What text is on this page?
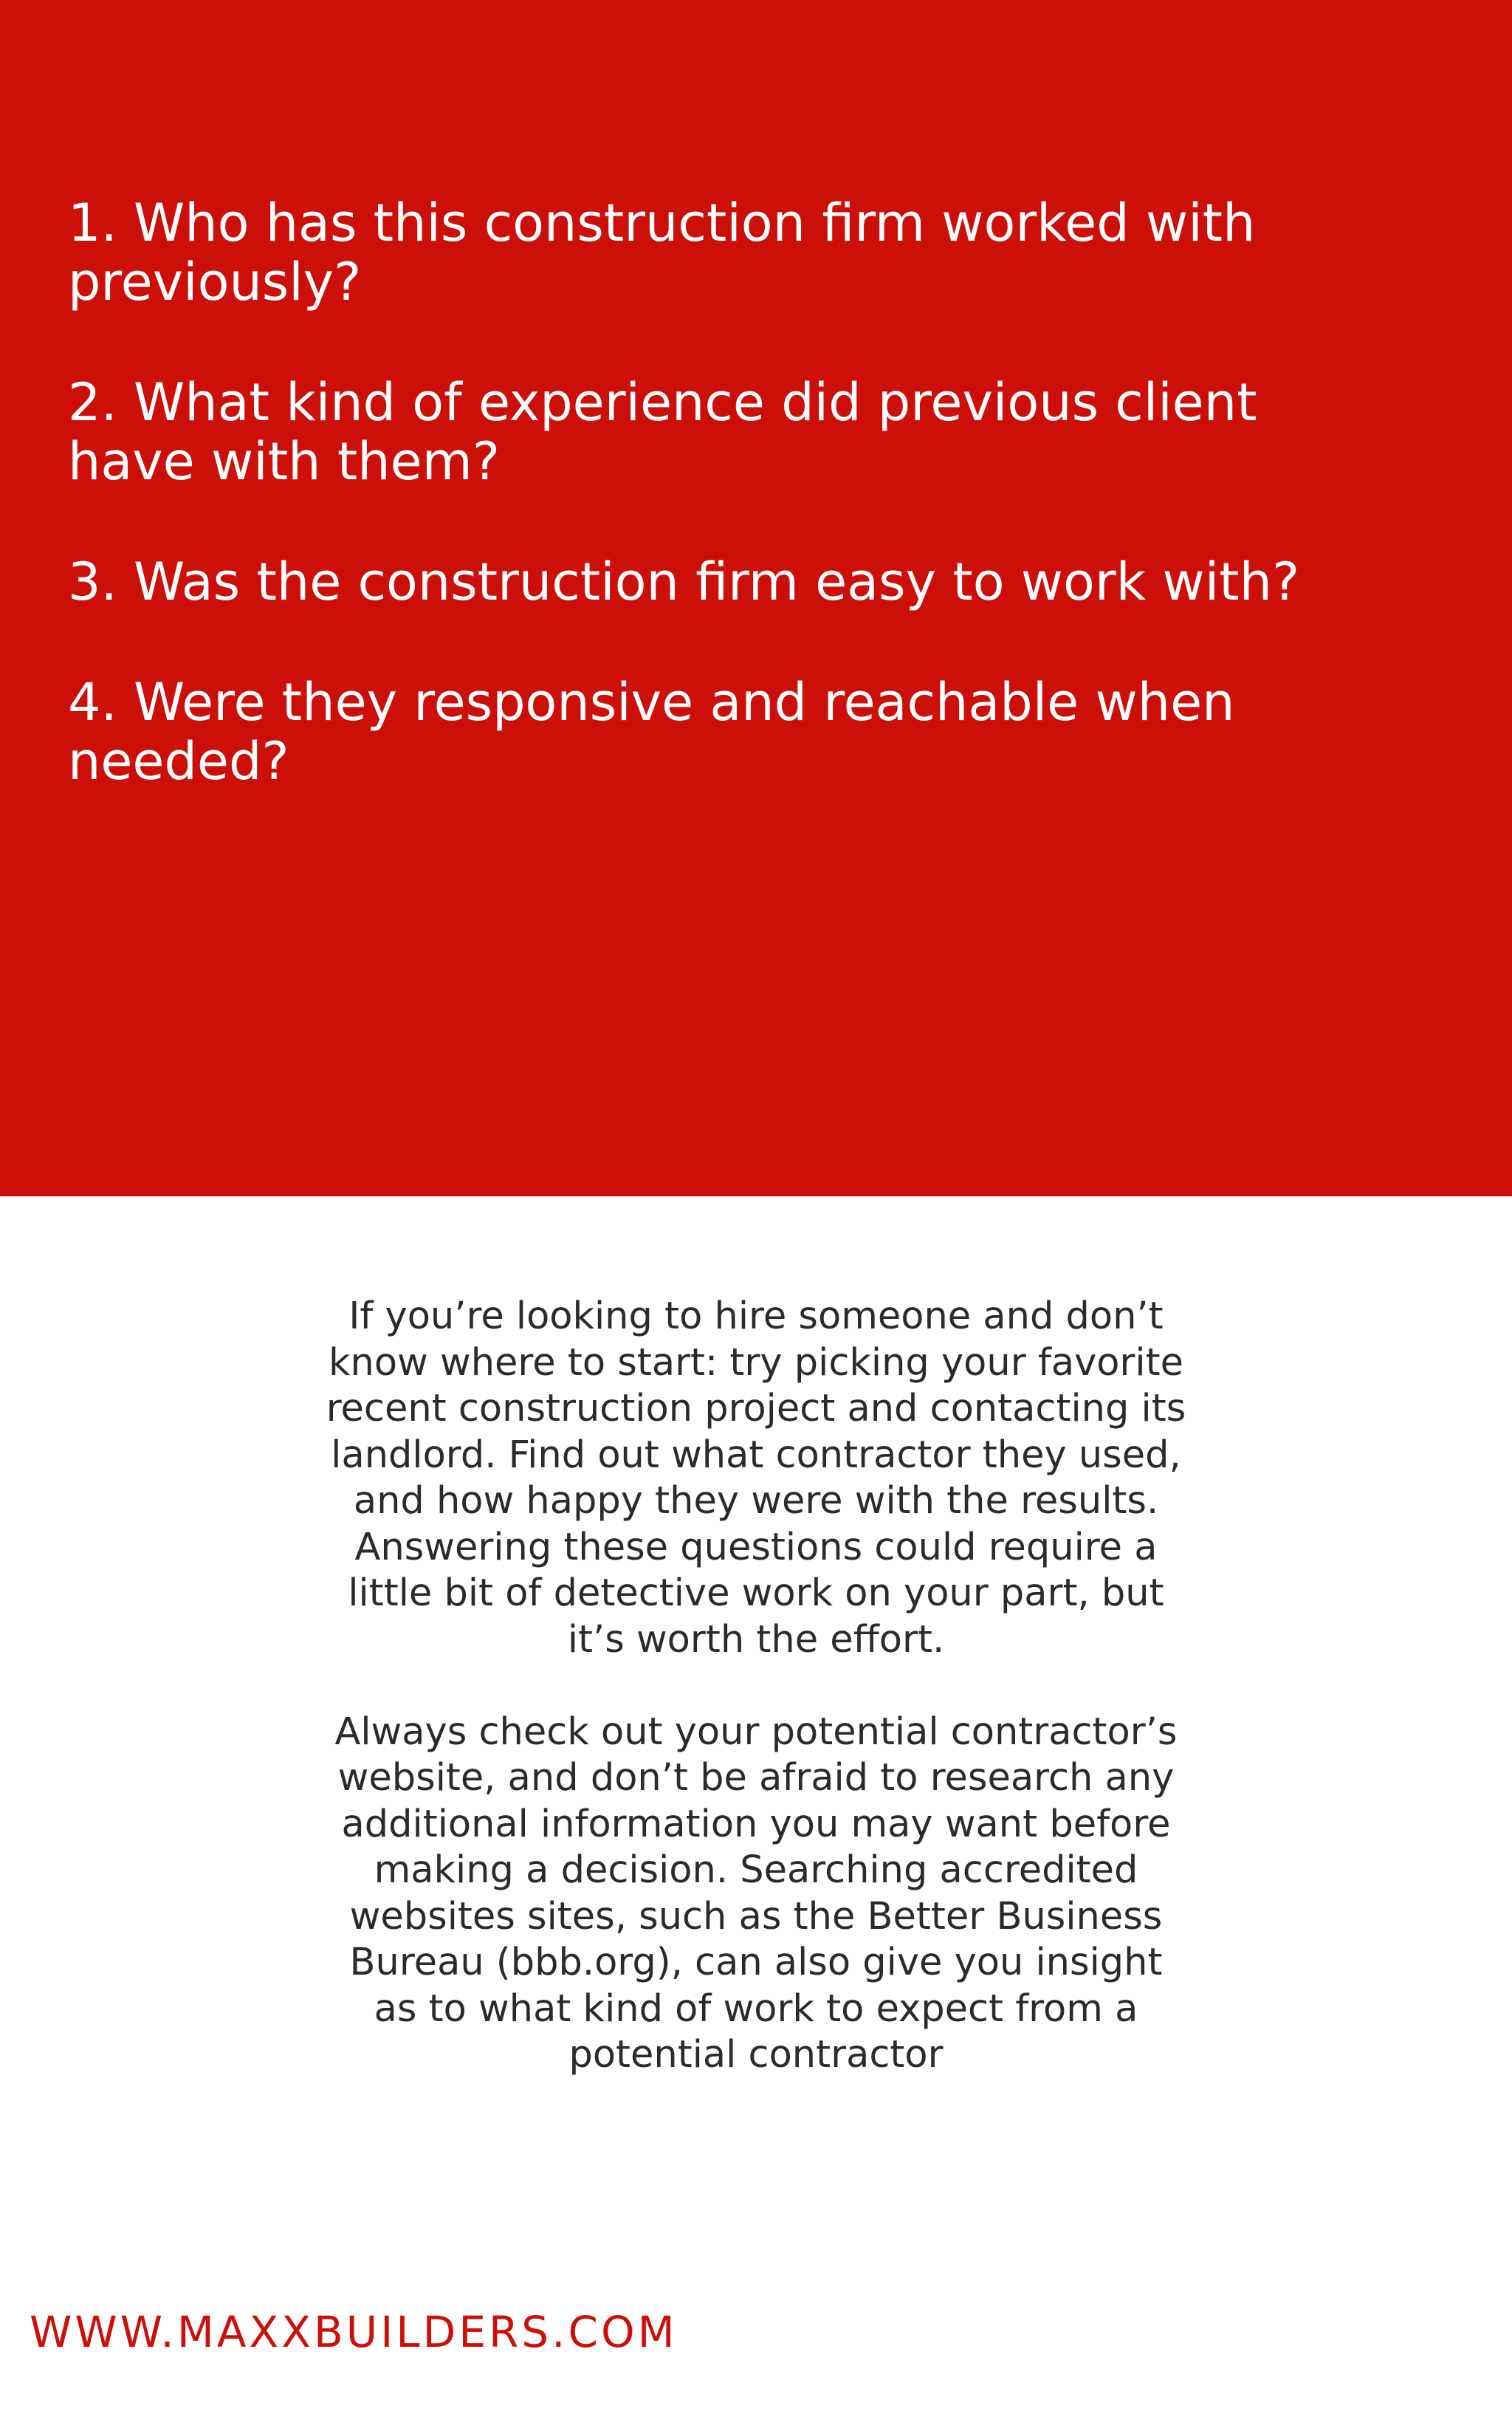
1. Who has this construction firm worked with
previously?
2. What kind of experience did previous client
have with them?
3. Was the construction firm easy to work with?
4. Were they responsive and reachable when
needed?

If you’re looking to hire someone and don’t
know where to start: try picking your favorite
recent construction project and contacting its
landlord. Find out what contractor they used,
and how happy they were with the results.
Answering these questions could require a
little bit of detective work on your part, but
it’s worth the effort.

Always check out your potential contractor’s
website, and don’t be afraid to research any
additional information you may want before
making a decision. Searching accredited
websites sites, such as the Better Business
Bureau (bbb.org), can also give you insight
as to what kind of work to expect from a
potential contractor

WWW.MAXXBUILDERS.COM
